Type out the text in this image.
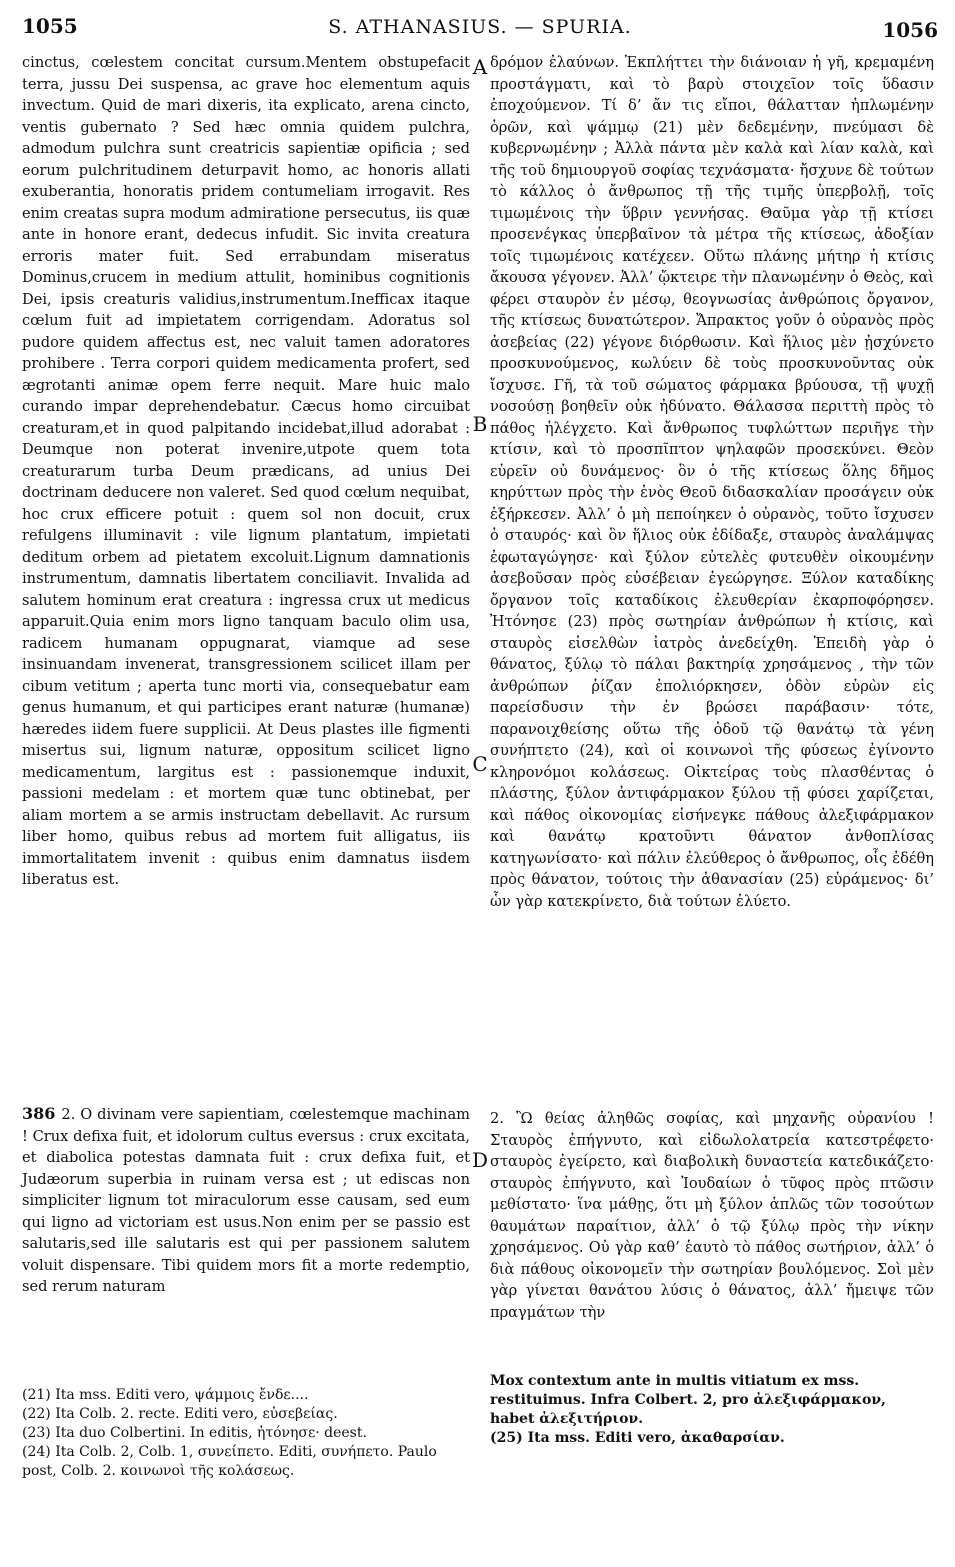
1055	S. ATHANASIUS. — SPURIA.	1056
A
B
C
D

cinctus, cœlestem concitat cursum.Mentem obstupefacit terra, jussu Dei suspensa, ac grave hoc elementum aquis invectum. Quid de mari dixeris, ita explicato, arena cincto, ventis gubernato ? Sed hæc omnia quidem pulchra, admodum pulchra sunt creatricis sapientiæ opificia ; sed eorum pulchritudinem deturpavit homo, ac honoris allati exuberantia, honoratis pridem contumeliam irrogavit. Res enim creatas supra modum admiratione persecutus, iis quæ ante in honore erant, dedecus infudit. Sic invita creatura erroris mater fuit. Sed errabundam miseratus Dominus,crucem in medium attulit, hominibus cognitionis Dei, ipsis creaturis validius,instrumentum.Inefficax itaque cœlum fuit ad impietatem corrigendam. Adoratus sol pudore quidem affectus est, nec valuit tamen adoratores prohibere . Terra corpori quidem medicamenta profert, sed ægrotanti animæ opem ferre nequit. Mare huic malo curando impar deprehendebatur. Cæcus homo circuibat creaturam,et in quod palpitando incidebat,illud adorabat : Deumque non poterat invenire,utpote quem tota creaturarum turba Deum prædicans, ad unius Dei doctrinam deducere non valeret. Sed quod cœlum nequibat, hoc crux efficere potuit : quem sol non docuit, crux refulgens illuminavit : vile lignum plantatum, impietati deditum orbem ad pietatem excoluit.Lignum damnationis instrumentum, damnatis libertatem conciliavit. Invalida ad salutem hominum erat creatura : ingressa crux ut medicus apparuit.Quia enim mors ligno tanquam baculo olim usa, radicem humanam oppugnarat, viamque ad sese insinuandam invenerat, transgressionem scilicet illam per cibum vetitum ; aperta tunc morti via, consequebatur eam genus humanum, et qui participes erant naturæ (humanæ) hæredes iidem fuere supplicii. At Deus plastes ille figmenti misertus sui, lignum naturæ, oppositum scilicet ligno medicamentum, largitus est : passionemque induxit, passioni medelam : et mortem quæ tunc obtinebat, per aliam mortem a se armis instructam debellavit. Ac rursum liber homo, quibus rebus ad mortem fuit alligatus, iis immortalitatem invenit : quibus enim damnatus iisdem liberatus est.

δρόμον ἐλαύνων. Ἐκπλήττει τὴν διάνοιαν ἡ γῆ, κρεμαμένη προστάγματι, καὶ τὸ βαρὺ στοιχεῖον τοῖς ὕδασιν ἐποχούμενον. Τί δ’ ἄν τις εἴποι, θάλατταν ἡπλωμένην ὁρῶν, καὶ ψάμμῳ (21) μὲν δεδεμένην, πνεύμασι δὲ κυβερνωμένην ; Ἀλλὰ πάντα μὲν καλὰ καὶ λίαν καλὰ, καὶ τῆς τοῦ δημιουργοῦ σοφίας τεχνάσματα· ἤσχυνε δὲ τούτων τὸ κάλλος ὁ ἄνθρωπος τῇ τῆς τιμῆς ὑπερβολῇ, τοῖς τιμωμένοις τὴν ὕβριν γεννήσας. Θαῦμα γὰρ τῇ κτίσει προσενέγκας ὑπερβαῖνον τὰ μέτρα τῆς κτίσεως, ἀδοξίαν τοῖς τιμωμένοις κατέχεεν. Οὕτω πλάνης μήτηρ ἡ κτίσις ἄκουσα γέγονεν. Ἀλλ’ ᾤκτειρε τὴν πλανωμένην ὁ Θεὸς, καὶ φέρει σταυρὸν ἐν μέσῳ, θεογνωσίας ἀνθρώποις ὄργανον, τῆς κτίσεως δυνατώτερον. Ἄπρακτος γοῦν ὁ οὐρανὸς πρὸς ἀσεβείας (22) γέγονε διόρθωσιν. Καὶ ἥλιος μὲν ᾐσχύνετο προσκυνούμενος, κωλύειν δὲ τοὺς προσκυνοῦντας οὐκ ἴσχυσε. Γῆ, τὰ τοῦ σώματος φάρμακα βρύουσα, τῇ ψυχῇ νοσούσῃ βοηθεῖν οὐκ ἠδύνατο. Θάλασσα περιττὴ πρὸς τὸ πάθος ἠλέγχετο. Καὶ ἄνθρωπος τυφλώττων περιῆγε τὴν κτίσιν, καὶ τὸ προσπῖπτον ψηλαφῶν προσεκύνει. Θεὸν εὑρεῖν οὐ δυνάμενος· ὃν ὁ τῆς κτίσεως ὅλης δῆμος κηρύττων πρὸς τὴν ἑνὸς Θεοῦ διδασκαλίαν προσάγειν οὐκ ἐξήρκεσεν. Ἀλλ’ ὁ μὴ πεποίηκεν ὁ οὐρανὸς, τοῦτο ἴσχυσεν ὁ σταυρός· καὶ ὃν ἥλιος οὐκ ἐδίδαξε, σταυρὸς ἀναλάμψας ἐφωταγώγησε· καὶ ξύλον εὐτελὲς φυτευθὲν οἰκουμένην ἀσεβοῦσαν πρὸς εὐσέβειαν ἐγεώργησε. Ξύλον καταδίκης ὄργανον τοῖς καταδίκοις ἐλευθερίαν ἐκαρποφόρησεν. Ἠτόνησε (23) πρὸς σωτηρίαν ἀνθρώπων ἡ κτίσις, καὶ σταυρὸς εἰσελθὼν ἰατρὸς ἀνεδείχθη. Ἐπειδὴ γὰρ ὁ θάνατος, ξύλῳ τὸ πάλαι βακτηρίᾳ χρησάμενος , τὴν τῶν ἀνθρώπων ῥίζαν ἐπολιόρκησεν, ὁδὸν εὑρὼν εἰς παρείσδυσιν τὴν ἐν βρώσει παράβασιν· τότε, παρανοιχθείσης οὕτω τῆς ὁδοῦ τῷ θανάτῳ τὰ γένη συνήπτετο (24), καὶ οἱ κοινωνοὶ τῆς φύσεως ἐγίνοντο κληρονόμοι κολάσεως. Οἰκτείρας τοὺς πλασθέντας ὁ πλάστης, ξύλον ἀντιφάρμακον ξύλου τῇ φύσει χαρίζεται, καὶ πάθος οἰκονομίας εἰσήνεγκε πάθους ἀλεξιφάρμακον καὶ θανάτῳ κρατοῦντι θάνατον ἀνθοπλίσας κατηγωνίσατο· καὶ πάλιν ἐλεύθερος ὁ ἄνθρωπος, οἷς ἐδέθη πρὸς θάνατον, τούτοις τὴν ἀθανασίαν (25) εὑράμενος· δι’ ὧν γὰρ κατεκρίνετο, διὰ τούτων ἐλύετο.

386 2. O divinam vere sapientiam, cœlestemque machinam ! Crux defixa fuit, et idolorum cultus eversus : crux excitata, et diabolica potestas damnata fuit : crux defixa fuit, et Judæorum superbia in ruinam versa est ; ut ediscas non simpliciter lignum tot miraculorum esse causam, sed eum qui ligno ad victoriam est usus.Non enim per se passio est salutaris,sed ille salutaris est qui per passionem salutem voluit dispensare. Tibi quidem mors fit a morte redemptio, sed rerum naturam

2. Ὢ θείας ἀληθῶς σοφίας, καὶ μηχανῆς οὐρανίου ! Σταυρὸς ἐπήγνυτο, καὶ εἰδωλολατρεία κατεστρέφετο· σταυρὸς ἐγείρετο, καὶ διαβολικὴ δυναστεία κατεδικάζετο· σταυρὸς ἐπήγνυτο, καὶ Ἰουδαίων ὁ τῦφος πρὸς πτῶσιν μεθίστατο· ἵνα μάθῃς, ὅτι μὴ ξύλον ἁπλῶς τῶν τοσούτων θαυμάτων παραίτιον, ἀλλ’ ὁ τῷ ξύλῳ πρὸς τὴν νίκην χρησάμενος. Οὐ γὰρ καθ’ ἑαυτὸ τὸ πάθος σωτήριον, ἀλλ’ ὁ διὰ πάθους οἰκονομεῖν τὴν σωτηρίαν βουλόμενος. Σοὶ μὲν γὰρ γίνεται θανάτου λύσις ὁ θάνατος, ἀλλ’ ἤμειψε τῶν πραγμάτων τὴν

(21) Ita mss. Editi vero, ψάμμοις ἔνδε....

(22) Ita Colb. 2. recte. Editi vero, εὐσεβείας.

(23) Ita duo Colbertini. In editis, ἠτόνησε· deest.

(24) Ita Colb. 2, Colb. 1, συνείπετο. Editi, συνήπετο. Paulo post, Colb. 2. κοινωνοὶ τῆς κολάσεως.

Mox contextum ante in multis vitiatum ex mss. restituimus. Infra Colbert. 2, pro ἀλεξιφάρμακον, habet ἀλεξιτήριον.

(25) Ita mss. Editi vero, ἀκαθαρσίαν.
